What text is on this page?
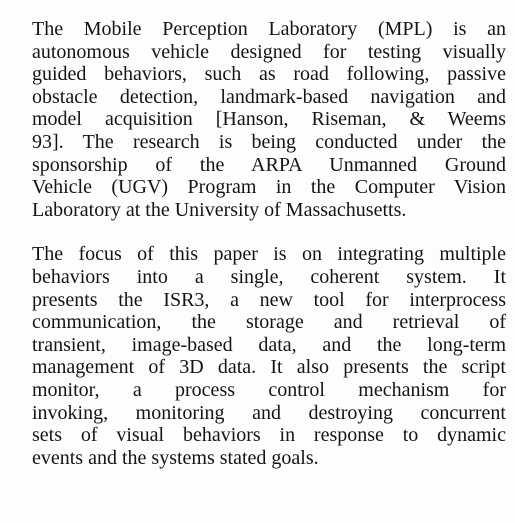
The Mobile Perception Laboratory (MPL) is an
autonomous vehicle designed for testing visually
guided behaviors, such as road following, passive
obstacle detection, landmark-based navigation and
model acquisition [Hanson, Riseman, & Weems
93]. The research is being conducted under the
sponsorship of the ARPA Unmanned Ground
Vehicle (UGV) Program in the Computer Vision
Laboratory at the University of Massachusetts.

The focus of this paper is on integrating multiple
behaviors into a single, coherent system. It
presents the ISR3, a new tool for interprocess
communication, the storage and retrieval of
transient, image-based data, and the long-term
management of 3D data. It also presents the script
monitor, a process control mechanism for
invoking, monitoring and destroying concurrent
sets of visual behaviors in response to dynamic
events and the systems stated goals.
